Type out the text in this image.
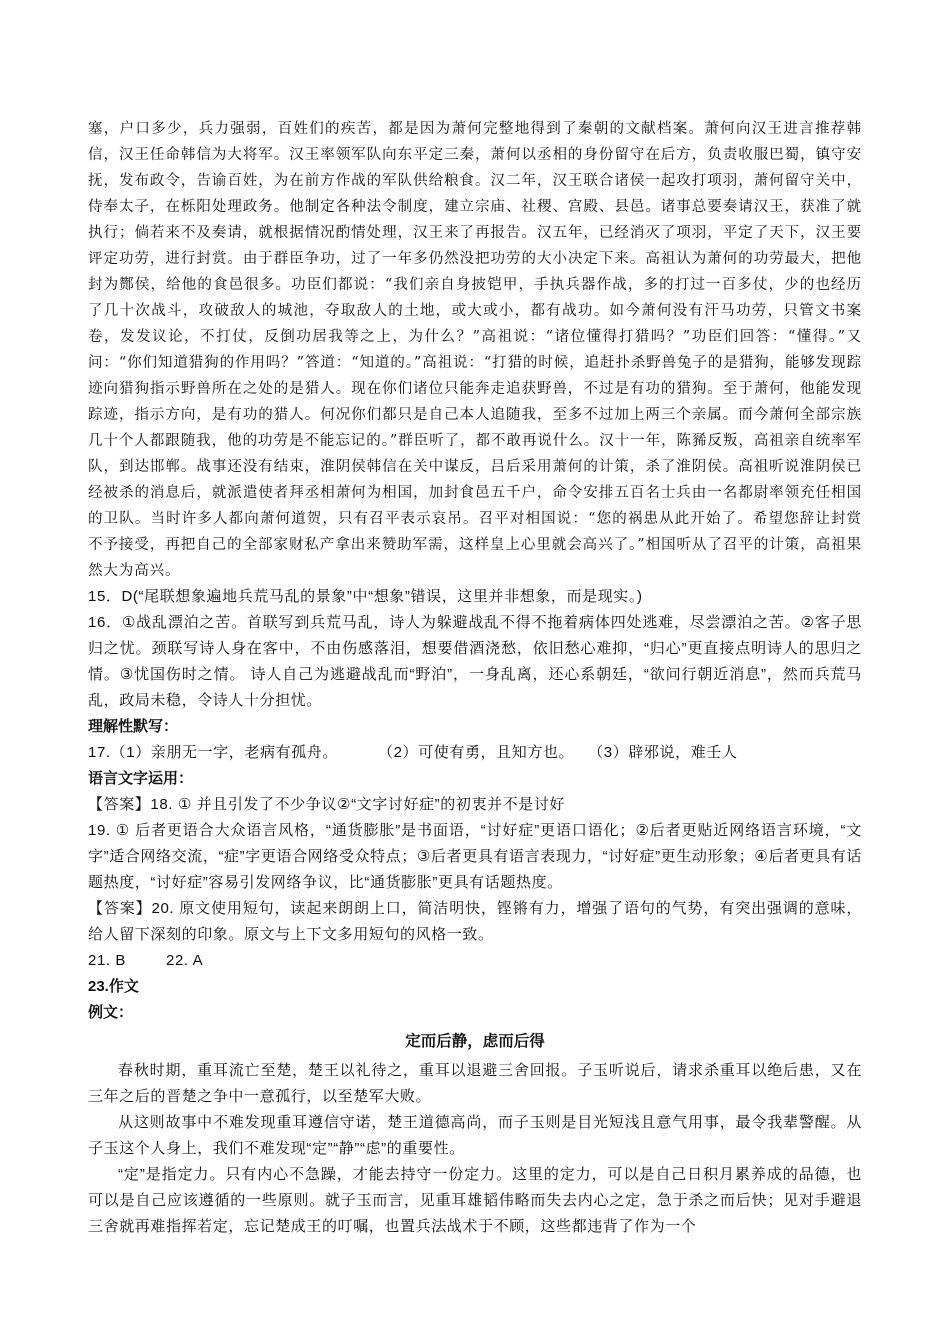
塞，户口多少，兵力强弱，百姓们的疾苦，都是因为萧何完整地得到了秦朝的文献档案。萧何向汉王进言推荐韩信，汉王任命韩信为大将军。汉王率领军队向东平定三秦，萧何以丞相的身份留守在后方，负责收服巴蜀，镇守安抚，发布政令，告谕百姓，为在前方作战的军队供给粮食。汉二年，汉王联合诸侯一起攻打项羽，萧何留守关中，侍奉太子，在栎阳处理政务。他制定各种法令制度，建立宗庙、社稷、宫殿、县邑。诸事总要奏请汉王，获准了就执行；倘若来不及奏请，就根据情况酌情处理，汉王来了再报告。汉五年，已经消灭了项羽，平定了天下，汉王要评定功劳，进行封赏。由于群臣争功，过了一年多仍然没把功劳的大小决定下来。高祖认为萧何的功劳最大，把他封为酂侯，给他的食邑很多。功臣们都说：“我们亲自身披铠甲，手执兵器作战，多的打过一百多仗，少的也经历了几十次战斗，攻破敌人的城池，夺取敌人的土地，或大或小，都有战功。如今萧何没有汗马功劳，只管文书案卷，发发议论，不打仗，反倒功居我等之上，为什么？”高祖说：“诸位懂得打猎吗？”功臣们回答：“懂得。”又问：“你们知道猎狗的作用吗？”答道：“知道的。”高祖说：“打猎的时候，追赶扑杀野兽兔子的是猎狗，能够发现踪迹向猎狗指示野兽所在之处的是猎人。现在你们诸位只能奔走追获野兽，不过是有功的猎狗。至于萧何，他能发现踪迹，指示方向，是有功的猎人。何况你们都只是自己本人追随我，至多不过加上两三个亲属。而今萧何全部宗族几十个人都跟随我，他的功劳是不能忘记的。”群臣听了，都不敢再说什么。汉十一年，陈豨反叛，高祖亲自统率军队，到达邯郸。战事还没有结束，淮阴侯韩信在关中谋反，吕后采用萧何的计策，杀了淮阴侯。高祖听说淮阴侯已经被杀的消息后，就派遣使者拜丞相萧何为相国，加封食邑五千户，命令安排五百名士兵由一名都尉率领充任相国的卫队。当时许多人都向萧何道贺，只有召平表示哀吊。召平对相国说：“您的祸患从此开始了。希望您辞让封赏不予接受，再把自己的全部家财私产拿出来赞助军需，这样皇上心里就会高兴了。”相国听从了召平的计策，高祖果然大为高兴。

15．D(“尾联想象遍地兵荒马乱的景象”中“想象”错误，这里并非想象，而是现实。)

16．①战乱漂泊之苦。首联写到兵荒马乱，诗人为躲避战乱不得不拖着病体四处逃难，尽尝漂泊之苦。②客子思归之忧。颈联写诗人身在客中，不由伤感落泪，想要借酒浇愁，依旧愁心难抑，“归心”更直接点明诗人的思归之情。③忧国伤时之情。 诗人自己为逃避战乱而“野泊”，一身乱离，还心系朝廷，“欲问行朝近消息”，然而兵荒马乱，政局未稳，令诗人十分担忧。

理解性默写：

17.（1）亲朋无一字，老病有孤舟。	（2）可使有勇，且知方也。 （3）辟邪说，难壬人

语言文字运用：

【答案】18. ① 并且引发了不少争议②“文字讨好症”的初衷并不是讨好

19. ① 后者更语合大众语言风格，“通货膨胀”是书面语，“讨好症”更语口语化；②后者更贴近网络语言环境，“文字”适合网络交流，“症”字更语合网络受众特点；③后者更具有语言表现力，“讨好症”更生动形象；④后者更具有话题热度，“讨好症”容易引发网络争议，比“通货膨胀”更具有话题热度。

【答案】20. 原文使用短句，读起来朗朗上口，简洁明快，铿锵有力，增强了语句的气势，有突出强调的意味，给人留下深刻的印象。原文与上下文多用短句的风格一致。

21. B	22. A

23.作文

例文：

定而后静，虑而后得

春秋时期，重耳流亡至楚，楚王以礼待之，重耳以退避三舍回报。子玉听说后，请求杀重耳以绝后患，又在三年之后的晋楚之争中一意孤行，以至楚军大败。

从这则故事中不难发现重耳遵信守诺，楚王道德高尚，而子玉则是目光短浅且意气用事，最令我辈警醒。从子玉这个人身上，我们不难发现“定”“静”“虑”的重要性。

“定”是指定力。只有内心不急躁，才能去持守一份定力。这里的定力，可以是自己日积月累养成的品德，也可以是自己应该遵循的一些原则。就子玉而言，见重耳雄韬伟略而失去内心之定，急于杀之而后快；见对手避退三舍就再难指挥若定，忘记楚成王的叮嘱，也置兵法战术于不顾，这些都违背了作为一个
